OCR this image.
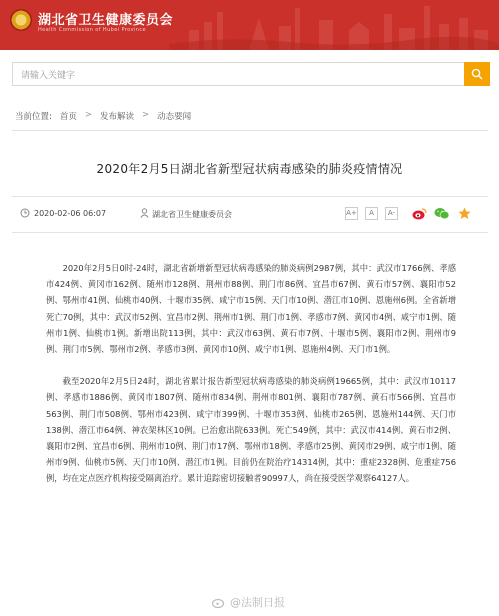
湖北省卫生健康委员会
Health Commission of Hubei Province
请输入关键字
当前位置: 首页 > 发布解读 > 动态要闻
2020年2月5日湖北省新型冠状病毒感染的肺炎疫情情况
2020-02-06 06:07	湖北省卫生健康委员会	A+	A	A-

2020年2月5日0时-24时，湖北省新增新型冠状病毒感染的肺炎病例2987例，其中：武汉市1766例、孝感市424例、黄冈市162例、随州市128例、荆州市88例、荆门市86例、宜昌市67例、黄石市57例、襄阳市52例、鄂州市41例、仙桃市40例、十堰市35例、咸宁市15例、天门市10例、潜江市10例、恩施州6例。全省新增死亡70例，其中：武汉市52例、宜昌市2例、荆州市1例、荆门市1例、孝感市7例、黄冈市4例、咸宁市1例、随州市1例、仙桃市1例。新增出院113例，其中：武汉市63例、黄石市7例、十堰市5例、襄阳市2例、荆州市9例、荆门市5例、鄂州市2例、孝感市3例、黄冈市10例、咸宁市1例、恩施州4例、天门市1例。

截至2020年2月5日24时，湖北省累计报告新型冠状病毒感染的肺炎病例19665例，其中：武汉市10117例、孝感市1886例、黄冈市1807例、随州市834例、荆州市801例、襄阳市787例、黄石市566例、宜昌市563例、荆门市508例、鄂州市423例、咸宁市399例、十堰市353例、仙桃市265例、恩施州144例、天门市138例、潜江市64例、神农架林区10例。已治愈出院633例。死亡549例，其中：武汉市414例、黄石市2例、襄阳市2例、宜昌市6例、荆州市10例、荆门市17例、鄂州市18例、孝感市25例、黄冈市29例、咸宁市1例、随州市9例、仙桃市5例、天门市10例、潜江市1例。目前仍在院治疗14314例，其中：重症2328例、危重症756例，均在定点医疗机构接受隔离治疗。累计追踪密切接触者90997人，尚在接受医学观察64127人。

@法制日报
